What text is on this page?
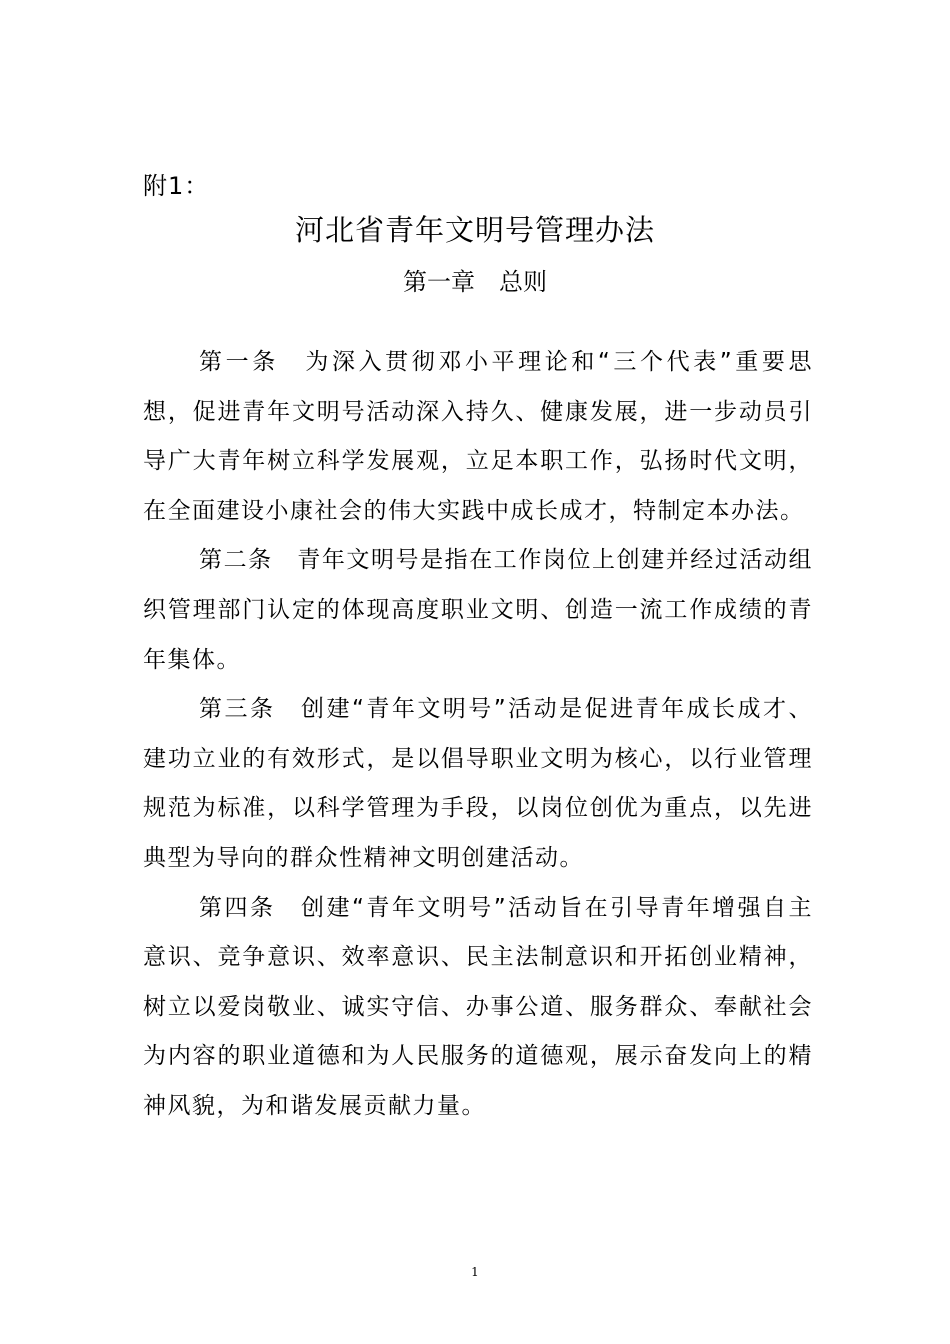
附1：
河北省青年文明号管理办法
第一章　总则

第一条　 为深入贯彻邓小平理论和“三个代表”重要思想，促进青年文明号活动深入持久、健康发展，进一步动员引导广大青年树立科学发展观，立足本职工作，弘扬时代文明，在全面建设小康社会的伟大实践中成长成才，特制定本办法。

第二条　 青年文明号是指在工作岗位上创建并经过活动组织管理部门认定的体现高度职业文明、创造一流工作成绩的青年集体。

第三条　 创建“青年文明号”活动是促进青年成长成才、建功立业的有效形式，是以倡导职业文明为核心，以行业管理规范为标准，以科学管理为手段，以岗位创优为重点，以先进典型为导向的群众性精神文明创建活动。

第四条　 创建“青年文明号”活动旨在引导青年增强自主意识、竞争意识、效率意识、民主法制意识和开拓创业精神，树立以爱岗敬业、诚实守信、办事公道、服务群众、奉献社会为内容的职业道德和为人民服务的道德观，展示奋发向上的精神风貌，为和谐发展贡献力量。

1
